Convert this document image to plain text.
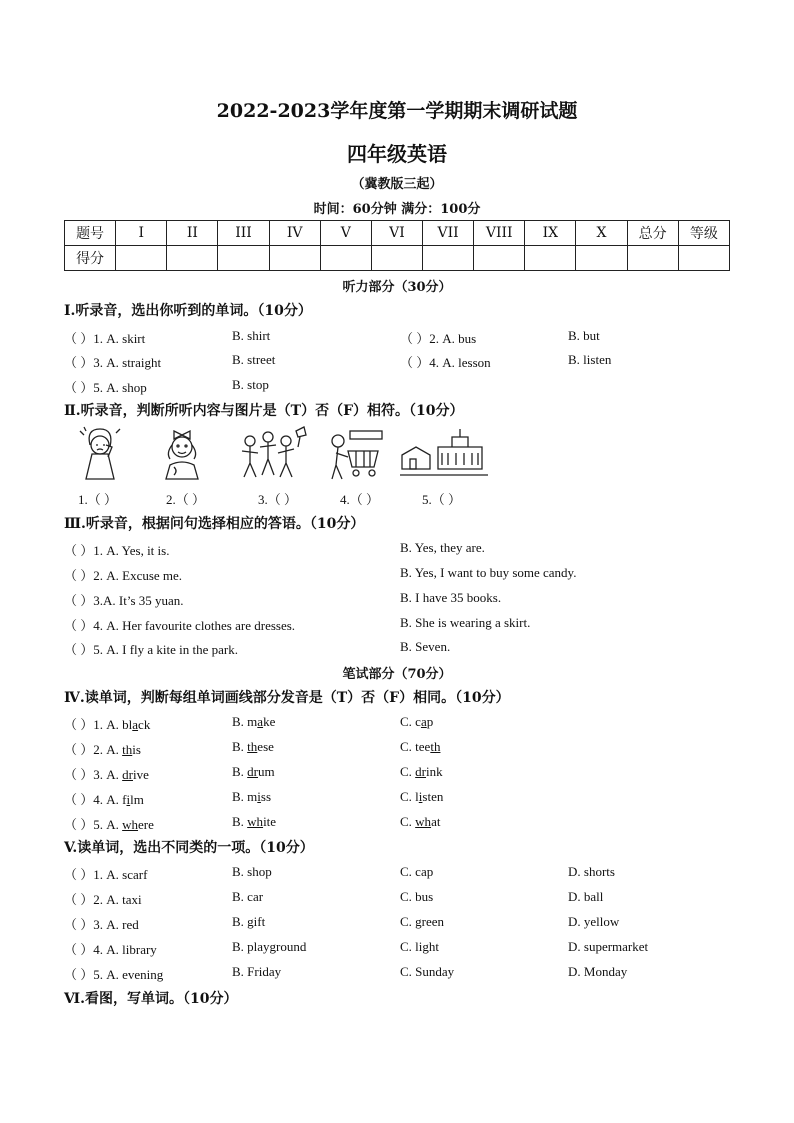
2022-2023学年度第一学期期末调研试题
四年级英语
（冀教版三起）
时间：60分钟 满分：100分
题号	I	II	III	IV	V	VI	VII	VIII	IX	X	总分	等级
得分												
听力部分（30分）
Ⅰ.听录音，选出你听到的单词。（10分）
（ ）1. A. skirt	B. shirt	（ ）2. A. bus	B. but
（ ）3. A. straight	B. street	（ ）4. A. lesson	B. listen
（ ）5. A. shop	B. stop
Ⅱ.听录音，判断所听内容与图片是（T）否（F）相符。（10分）
1.（ ）	2.（ ）	3.（ ）	4.（ ）	5.（ ）
Ⅲ.听录音，根据问句选择相应的答语。（10分）
（ ）1. A. Yes, it is.	B. Yes, they are.
（ ）2. A. Excuse me.	B. Yes, I want to buy some candy.
（ ）3.A. It’s 35 yuan.	B. I have 35 books.
（ ）4. A. Her favourite clothes are dresses.	B. She is wearing a skirt.
（ ）5. A. I fly a kite in the park.	B. Seven.
笔试部分（70分）
Ⅳ.读单词，判断每组单词画线部分发音是（T）否（F）相同。（10分）
（ ）1. A. black	B. make	C. cap
（ ）2. A. this	B. these	C. teeth
（ ）3. A. drive	B. drum	C. drink
（ ）4. A. film	B. miss	C. listen
（ ）5. A. where	B. white	C. what
V.读单词，选出不同类的一项。（10分）
（ ）1. A. scarf	B. shop	C. cap	D. shorts
（ ）2. A. taxi	B. car	C. bus	D. ball
（ ）3. A. red	B. gift	C. green	D. yellow
（ ）4. A. library	B. playground	C. light	D. supermarket
（ ）5. A. evening	B. Friday	C. Sunday	D. Monday
Ⅵ.看图，写单词。（10分）
